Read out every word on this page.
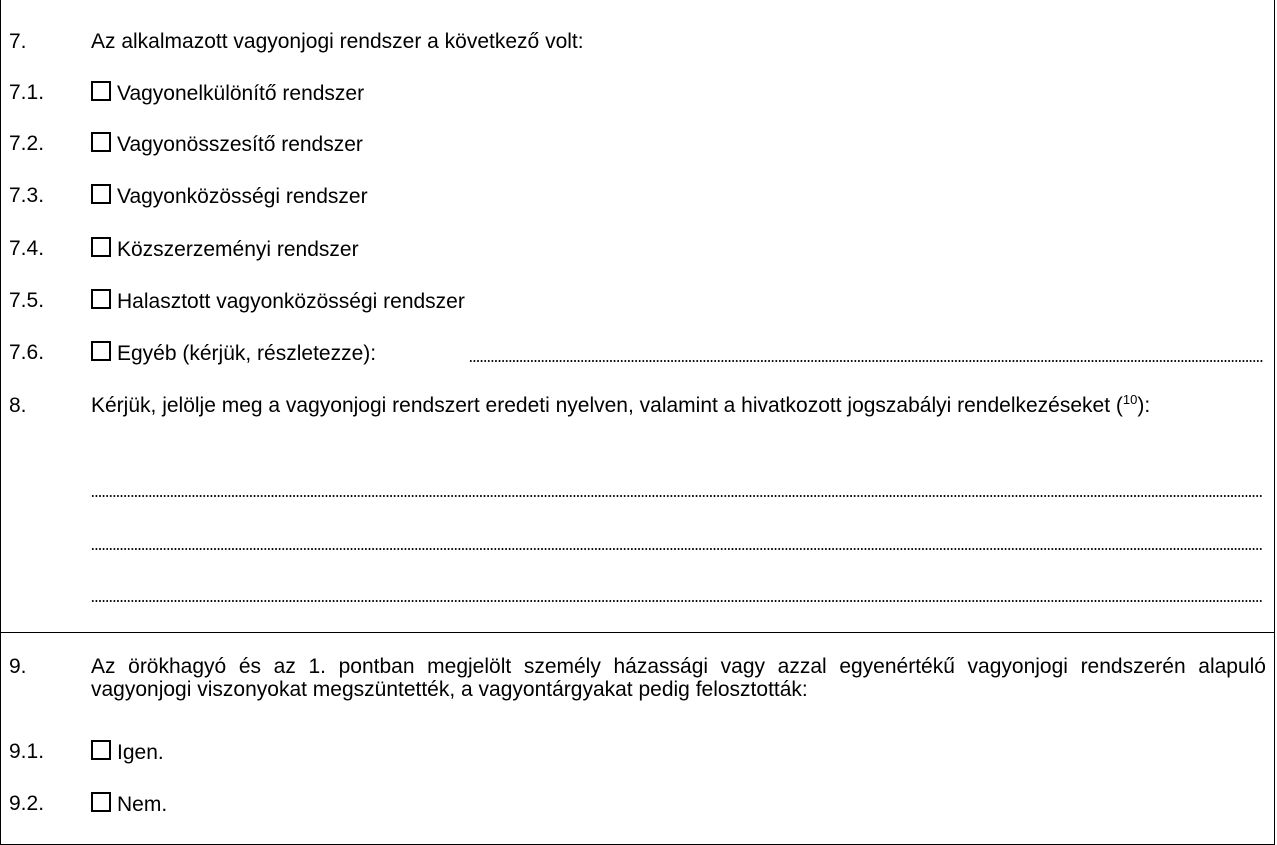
7.	Az alkalmazott vagyonjogi rendszer a következő volt:
7.1.	Vagyonelkülönítő rendszer
7.2.	Vagyonösszesítő rendszer
7.3.	Vagyonközösségi rendszer
7.4.	Közszerzeményi rendszer
7.5.	Halasztott vagyonközösségi rendszer
7.6.	Egyéb (kérjük, részletezze):
8.	Kérjük, jelölje meg a vagyonjogi rendszert eredeti nyelven, valamint a hivatkozott jogszabályi rendelkezéseket ($^{10}$):
9.	Az örökhagyó és az 1. pontban megjelölt személy házassági vagy azzal egyenértékű vagyonjogi rendszerén alapuló vagyonjogi viszonyokat megszüntették, a vagyontárgyakat pedig felosztották:
9.1.	Igen.
9.2.	Nem.
